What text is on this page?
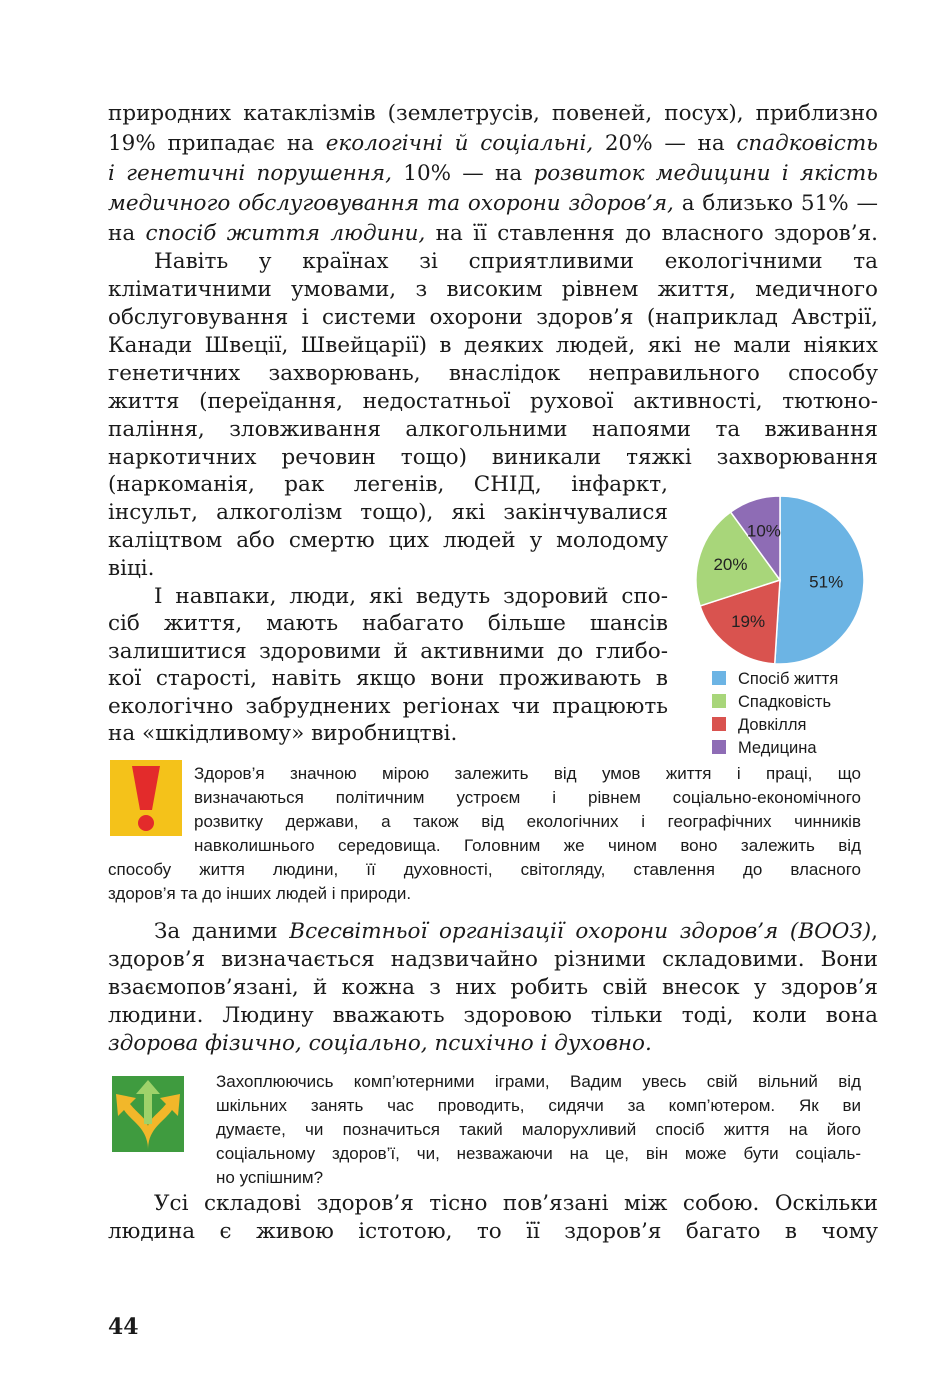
природних катаклізмів (землетрусів, повеней, посух), приблизно

19% припадає на екологічні й соціальні, 20% — на спадковість

і генетичні порушення, 10% — на розвиток медицини і якість

медичного обслуговування та охорони здоров’я, а близько 51% —

на спосіб життя людини, на її ставлення до власного здоров’я.

Навіть у країнах зі сприятливими екологічними та

кліматичними умовами, з високим рівнем життя, медичного

обслуговування і системи охорони здоров’я (наприклад Австрії,

Канади Швеції, Швейцарії) в деяких людей, які не мали ніяких

генетичних захворювань, внаслідок неправильного способу

життя (переїдання, недостатньої рухової активності, тютюно-

паління, зловживання алкогольними напоями та вживання

наркотичних речовин тощо) виникали тяжкі захворювання

(наркоманія, рак легенів, СНІД, інфаркт,

інсульт, алкоголізм тощо), які закінчувалися

каліцтвом або смертю цих людей у молодому

віці.

І навпаки, люди, які ведуть здоровий спо-

сіб життя, мають набагато більше шансів

залишитися здоровими й активними до глибо-

кої старості, навіть якщо вони проживають в

екологічно забруднених регіонах чи працюють

на «шкідливому» виробництві.

51%
19%
20%
10%
Спосіб життя
Спадковість
Довкілля
Медицина

Здоров’я значною мірою залежить від умов життя і праці, що

визначаються політичним устроєм і рівнем соціально-економічного

розвитку держави, а також від екологічних і географічних чинників

навколишнього середовища. Головним же чином воно залежить від

способу життя людини, її духовності, світогляду, ставлення до власного

здоров’я та до інших людей і природи.

За даними Всесвітньої організації охорони здоров’я (ВООЗ),

здоров’я визначається надзвичайно різними складовими. Вони

взаємопов’язані, й кожна з них робить свій внесок у здоров’я

людини. Людину вважають здоровою тільки тоді, коли вона

здорова фізично, соціально, психічно і духовно.

Захоплюючись комп’ютерними іграми, Вадим увесь свій вільний від

шкільних занять час проводить, сидячи за комп’ютером. Як ви

думаєте, чи позначиться такий малорухливий спосіб життя на його

соціальному здоров’ї, чи, незважаючи на це, він може бути соціаль-

но успішним?

Усі складові здоров’я тісно пов’язані між собою. Оскільки

людина є живою істотою, то її здоров’я багато в чому

44
